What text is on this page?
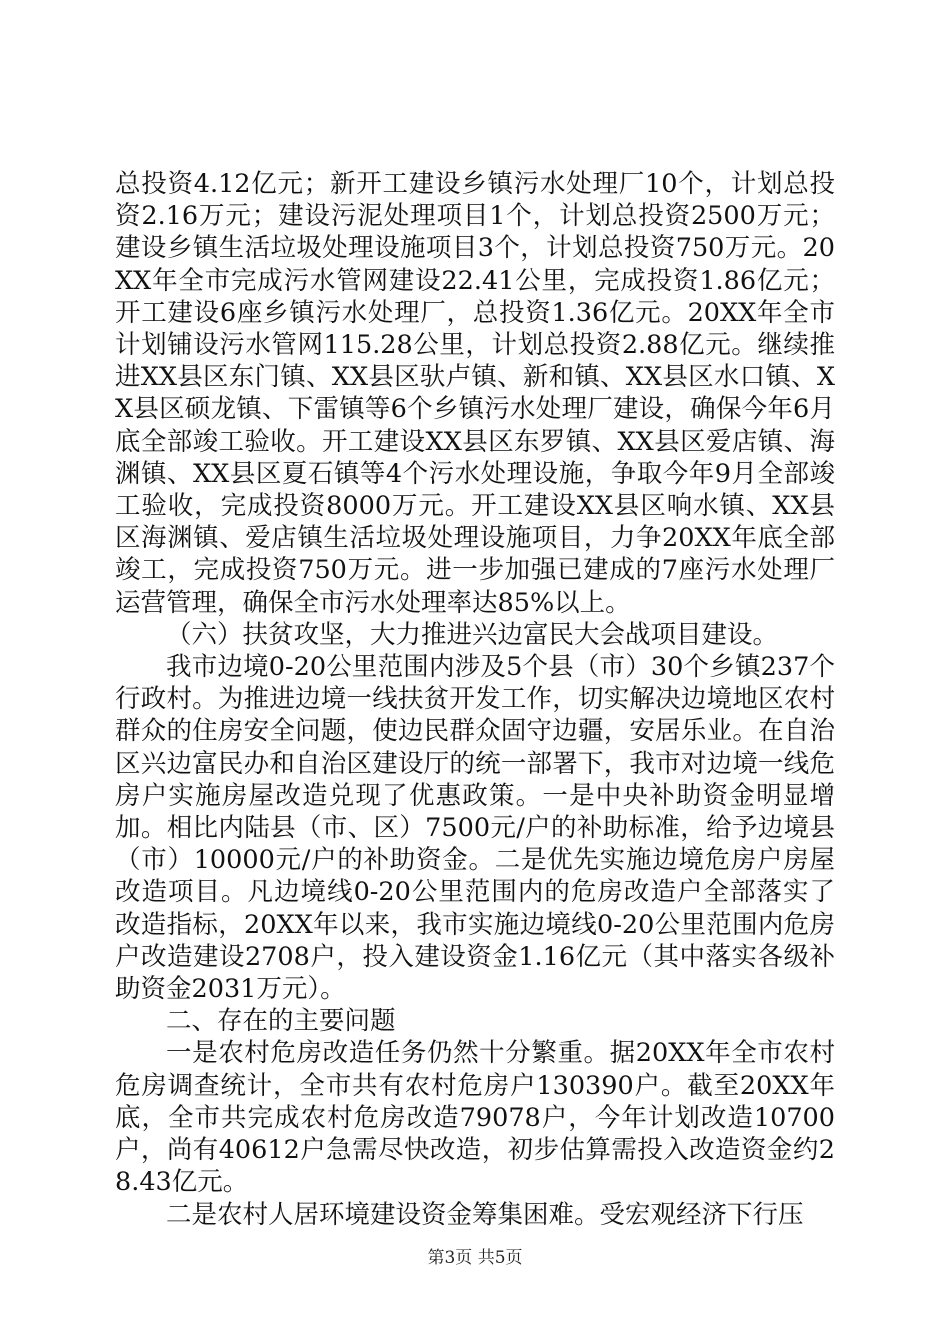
总投资4.12亿元；新开工建设乡镇污水处理厂10个，计划总投资2.16万元；建设污泥处理项目1个，计划总投资2500万元；建设乡镇生活垃圾处理设施项目3个，计划总投资750万元。20XX年全市完成污水管网建设22.41公里，完成投资1.86亿元；开工建设6座乡镇污水处理厂，总投资1.36亿元。20XX年全市计划铺设污水管网115.28公里，计划总投资2.88亿元。继续推进XX县区东门镇、XX县区驮卢镇、新和镇、XX县区水口镇、XX县区硕龙镇、下雷镇等6个乡镇污水处理厂建设，确保今年6月底全部竣工验收。开工建设XX县区东罗镇、XX县区爱店镇、海渊镇、XX县区夏石镇等4个污水处理设施，争取今年9月全部竣工验收，完成投资8000万元。开工建设XX县区响水镇、XX县区海渊镇、爱店镇生活垃圾处理设施项目，力争20XX年底全部竣工，完成投资750万元。进一步加强已建成的7座污水处理厂运营管理，确保全市污水处理率达85%以上。

（六）扶贫攻坚，大力推进兴边富民大会战项目建设。

我市边境0-20公里范围内涉及5个县（市）30个乡镇237个行政村。为推进边境一线扶贫开发工作，切实解决边境地区农村群众的住房安全问题，使边民群众固守边疆，安居乐业。在自治区兴边富民办和自治区建设厅的统一部署下，我市对边境一线危房户实施房屋改造兑现了优惠政策。一是中央补助资金明显增加。相比内陆县（市、区）7500元/户的补助标准，给予边境县（市）10000元/户的补助资金。二是优先实施边境危房户房屋改造项目。凡边境线0-20公里范围内的危房改造户全部落实了改造指标，20XX年以来，我市实施边境线0-20公里范围内危房户改造建设2708户，投入建设资金1.16亿元（其中落实各级补助资金2031万元）。

二、存在的主要问题

一是农村危房改造任务仍然十分繁重。据20XX年全市农村危房调查统计，全市共有农村危房户130390户。截至20XX年底，全市共完成农村危房改造79078户，今年计划改造10700户，尚有40612户急需尽快改造，初步估算需投入改造资金约28.43亿元。

二是农村人居环境建设资金筹集困难。受宏观经济下行压

第3页 共5页
